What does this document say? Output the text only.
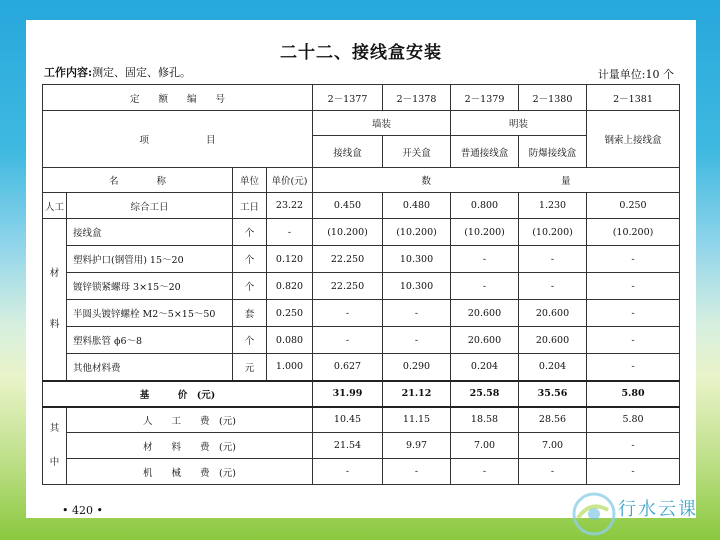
二十二、接线盒安装
工作内容:测定、固定、修孔。	计量单位:10 个
定　　额　　编　　号				2－1377	2－1378	2－1379	2－1380	2－1381
项　　　　　　目				墙装		明装		钢索上接线盒
				接线盒	开关盒	普通接线盒	防爆接线盒	
名　　　　称		单位	单价(元)	数 量				
人工	综合工日	工日	23.22	0.450	0.480	0.800	1.230	0.250
材

料	接线盒	个	-	(10.200)	(10.200)	(10.200)	(10.200)	(10.200)
	塑料护口(钢管用) 15～20	个	0.120	22.250	10.300	-	-	-
	镀锌锁紧螺母 3×15～20	个	0.820	22.250	10.300	-	-	-
	半圆头镀锌螺栓 M2～5×15～50	套	0.250	-	-	20.600	20.600	-
	塑料胀管 ϕ6～8	个	0.080	-	-	20.600	20.600	-
	其他材料费	元	1.000	0.627	0.290	0.204	0.204	-
基　　　价　(元)				31.99	21.12	25.58	35.56	5.80
其

中	人　　工　　费　(元)			10.45	11.15	18.58	28.56	5.80
	材　　料　　费　(元)			21.54	9.97	7.00	7.00	-
	机　　械　　费　(元)			-	-	-	-	-
• 420 •	行水云课
